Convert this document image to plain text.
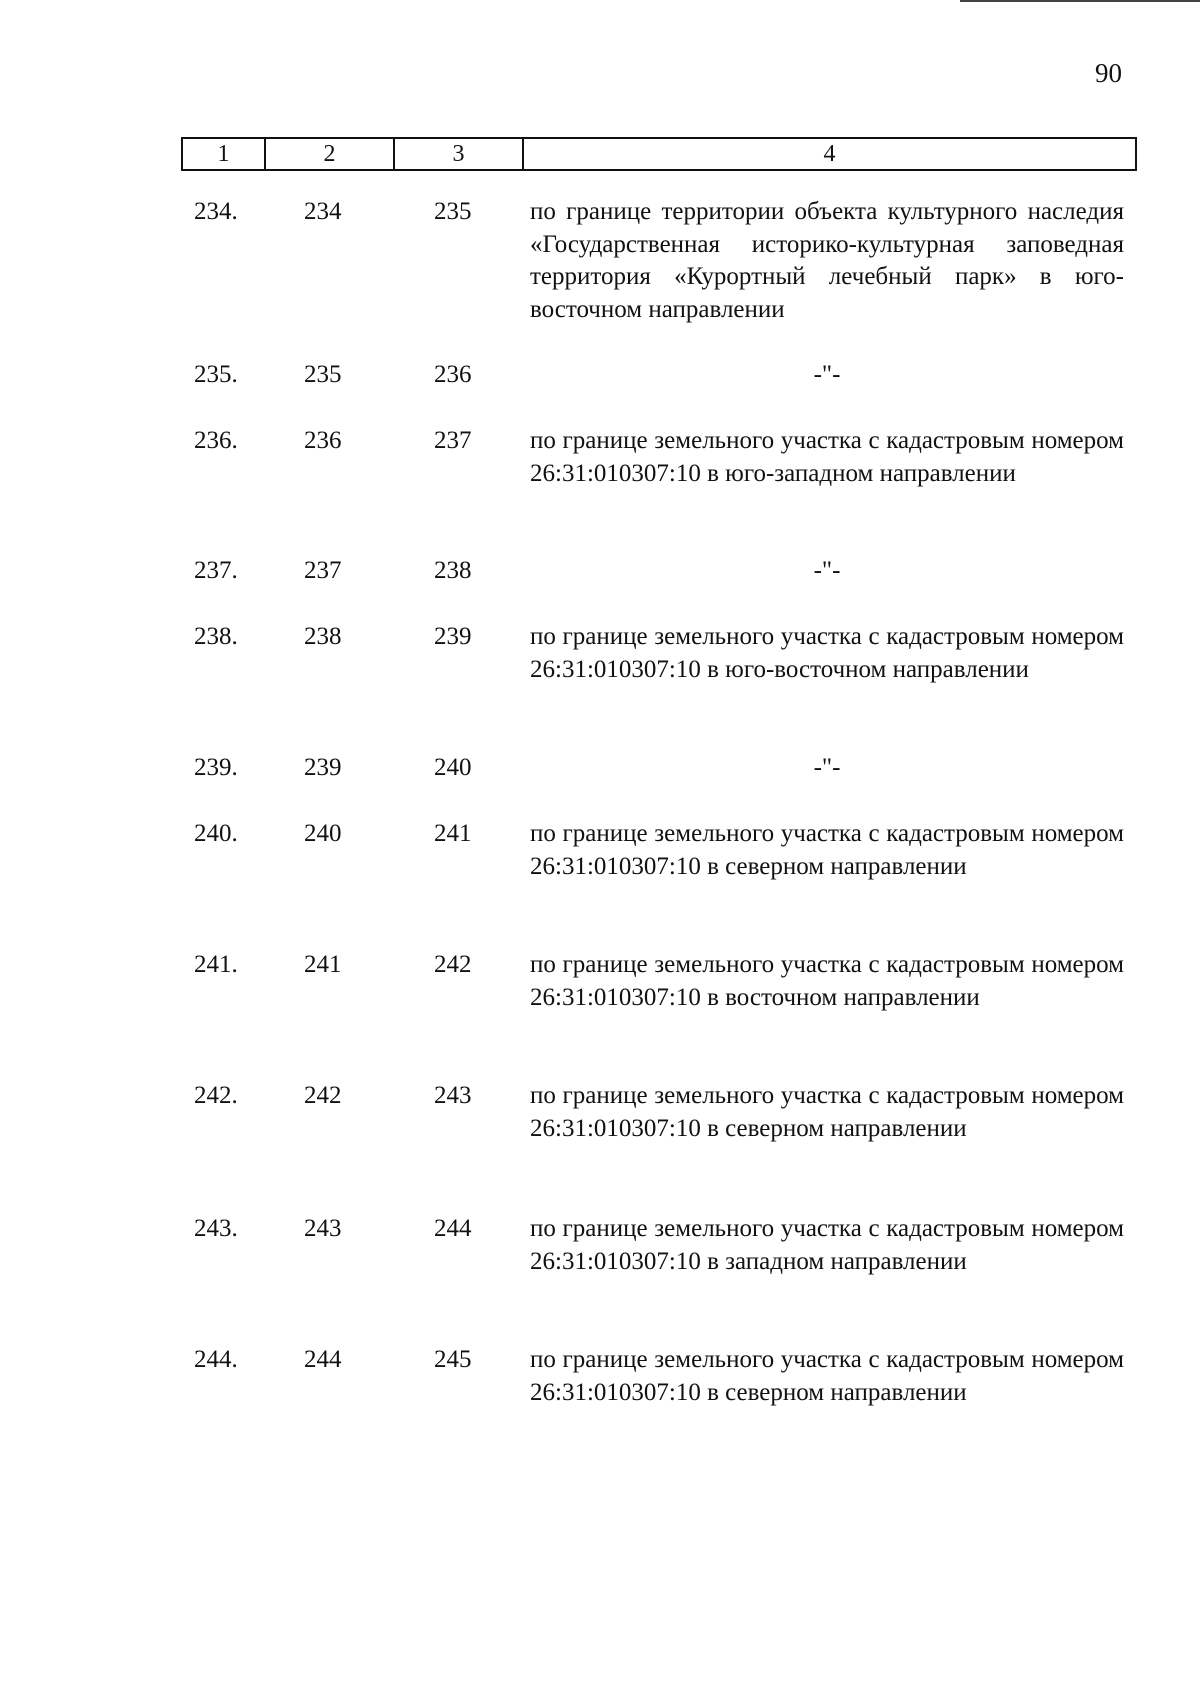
90
1	2	3	4
234.	234	235 по границе территории объекта культурного наследия «Государственная историко-культурная заповедная территория «Курортный лечебный парк» в юго-восточном направлении
235.	235	236	-"-
236.	236	237 по границе земельного участка с кадастровым номером 26:31:010307:10 в юго-западном направлении
237.	237	238	-"-
238.	238	239 по границе земельного участка с кадастровым номером 26:31:010307:10 в юго-восточном направлении
239.	239	240	-"-
240.	240	241 по границе земельного участка с кадастровым номером 26:31:010307:10 в северном направлении
241.	241	242 по границе земельного участка с кадастровым номером 26:31:010307:10 в восточном направлении
242.	242	243 по границе земельного участка с кадастровым номером 26:31:010307:10 в северном направлении
243.	243	244 по границе земельного участка с кадастровым номером 26:31:010307:10 в западном направлении
244.	244	245 по границе земельного участка с кадастровым номером 26:31:010307:10 в северном направлении
